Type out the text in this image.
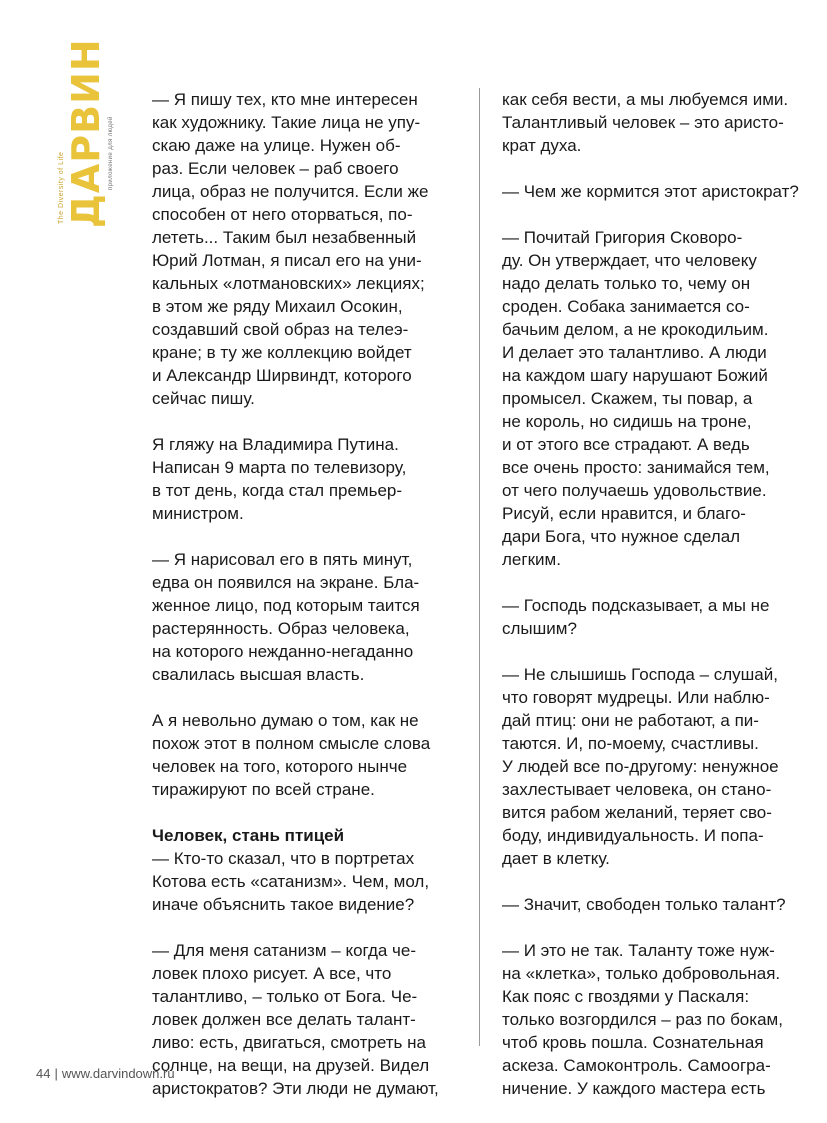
The Diversity of Life ДАРВИН приложение для людей
— Я пишу тех, кто мне интересен
как художнику. Такие лица не упу-
скаю даже на улице. Нужен об-
раз. Если человек – раб своего
лица, образ не получится. Если же
способен от него оторваться, по-
лететь... Таким был незабвенный
Юрий Лотман, я писал его на уни-
кальных «лотмановских» лекциях;
в этом же ряду Михаил Осокин,
создавший свой образ на телеэ-
кране; в ту же коллекцию войдет
и Александр Ширвиндт, которого
сейчас пишу.
Я гляжу на Владимира Путина.
Написан 9 марта по телевизору,
в тот день, когда стал премьер-
министром.
— Я нарисовал его в пять минут,
едва он появился на экране. Бла-
женное лицо, под которым таится
растерянность. Образ человека,
на которого нежданно-негаданно
свалилась высшая власть.
А я невольно думаю о том, как не
похож этот в полном смысле слова
человек на того, которого нынче
тиражируют по всей стране.
Человек, стань птицей
— Кто-то сказал, что в портретах
Котова есть «сатанизм». Чем, мол,
иначе объяснить такое видение?
— Для меня сатанизм – когда че-
ловек плохо рисует. А все, что
талантливо, – только от Бога. Че-
ловек должен все делать талант-
ливо: есть, двигаться, смотреть на
солнце, на вещи, на друзей. Видел
аристократов? Эти люди не думают,
как себя вести, а мы любуемся ими.
Талантливый человек – это аристо-
крат духа.
— Чем же кормится этот аристократ?
— Почитай Григория Сковоро-
ду. Он утверждает, что человеку
надо делать только то, чему он
сроден. Собака занимается со-
бачьим делом, а не крокодильим.
И делает это талантливо. А люди
на каждом шагу нарушают Божий
промысел. Скажем, ты повар, а
не король, но сидишь на троне,
и от этого все страдают. А ведь
все очень просто: занимайся тем,
от чего получаешь удовольствие.
Рисуй, если нравится, и благо-
дари Бога, что нужное сделал
легким.
— Господь подсказывает, а мы не
слышим?
— Не слышишь Господа – слушай,
что говорят мудрецы. Или наблю-
дай птиц: они не работают, а пи-
таются. И, по-моему, счастливы.
У людей все по-другому: ненужное
захлестывает человека, он стано-
вится рабом желаний, теряет сво-
боду, индивидуальность. И попа-
дает в клетку.
— Значит, свободен только талант?
— И это не так. Таланту тоже нуж-
на «клетка», только добровольная.
Как пояс с гвоздями у Паскаля:
только возгордился – раз по бокам,
чтоб кровь пошла. Сознательная
аскеза. Самоконтроль. Самоогра-
ничение. У каждого мастера есть
44 | www.darvindown.ru
